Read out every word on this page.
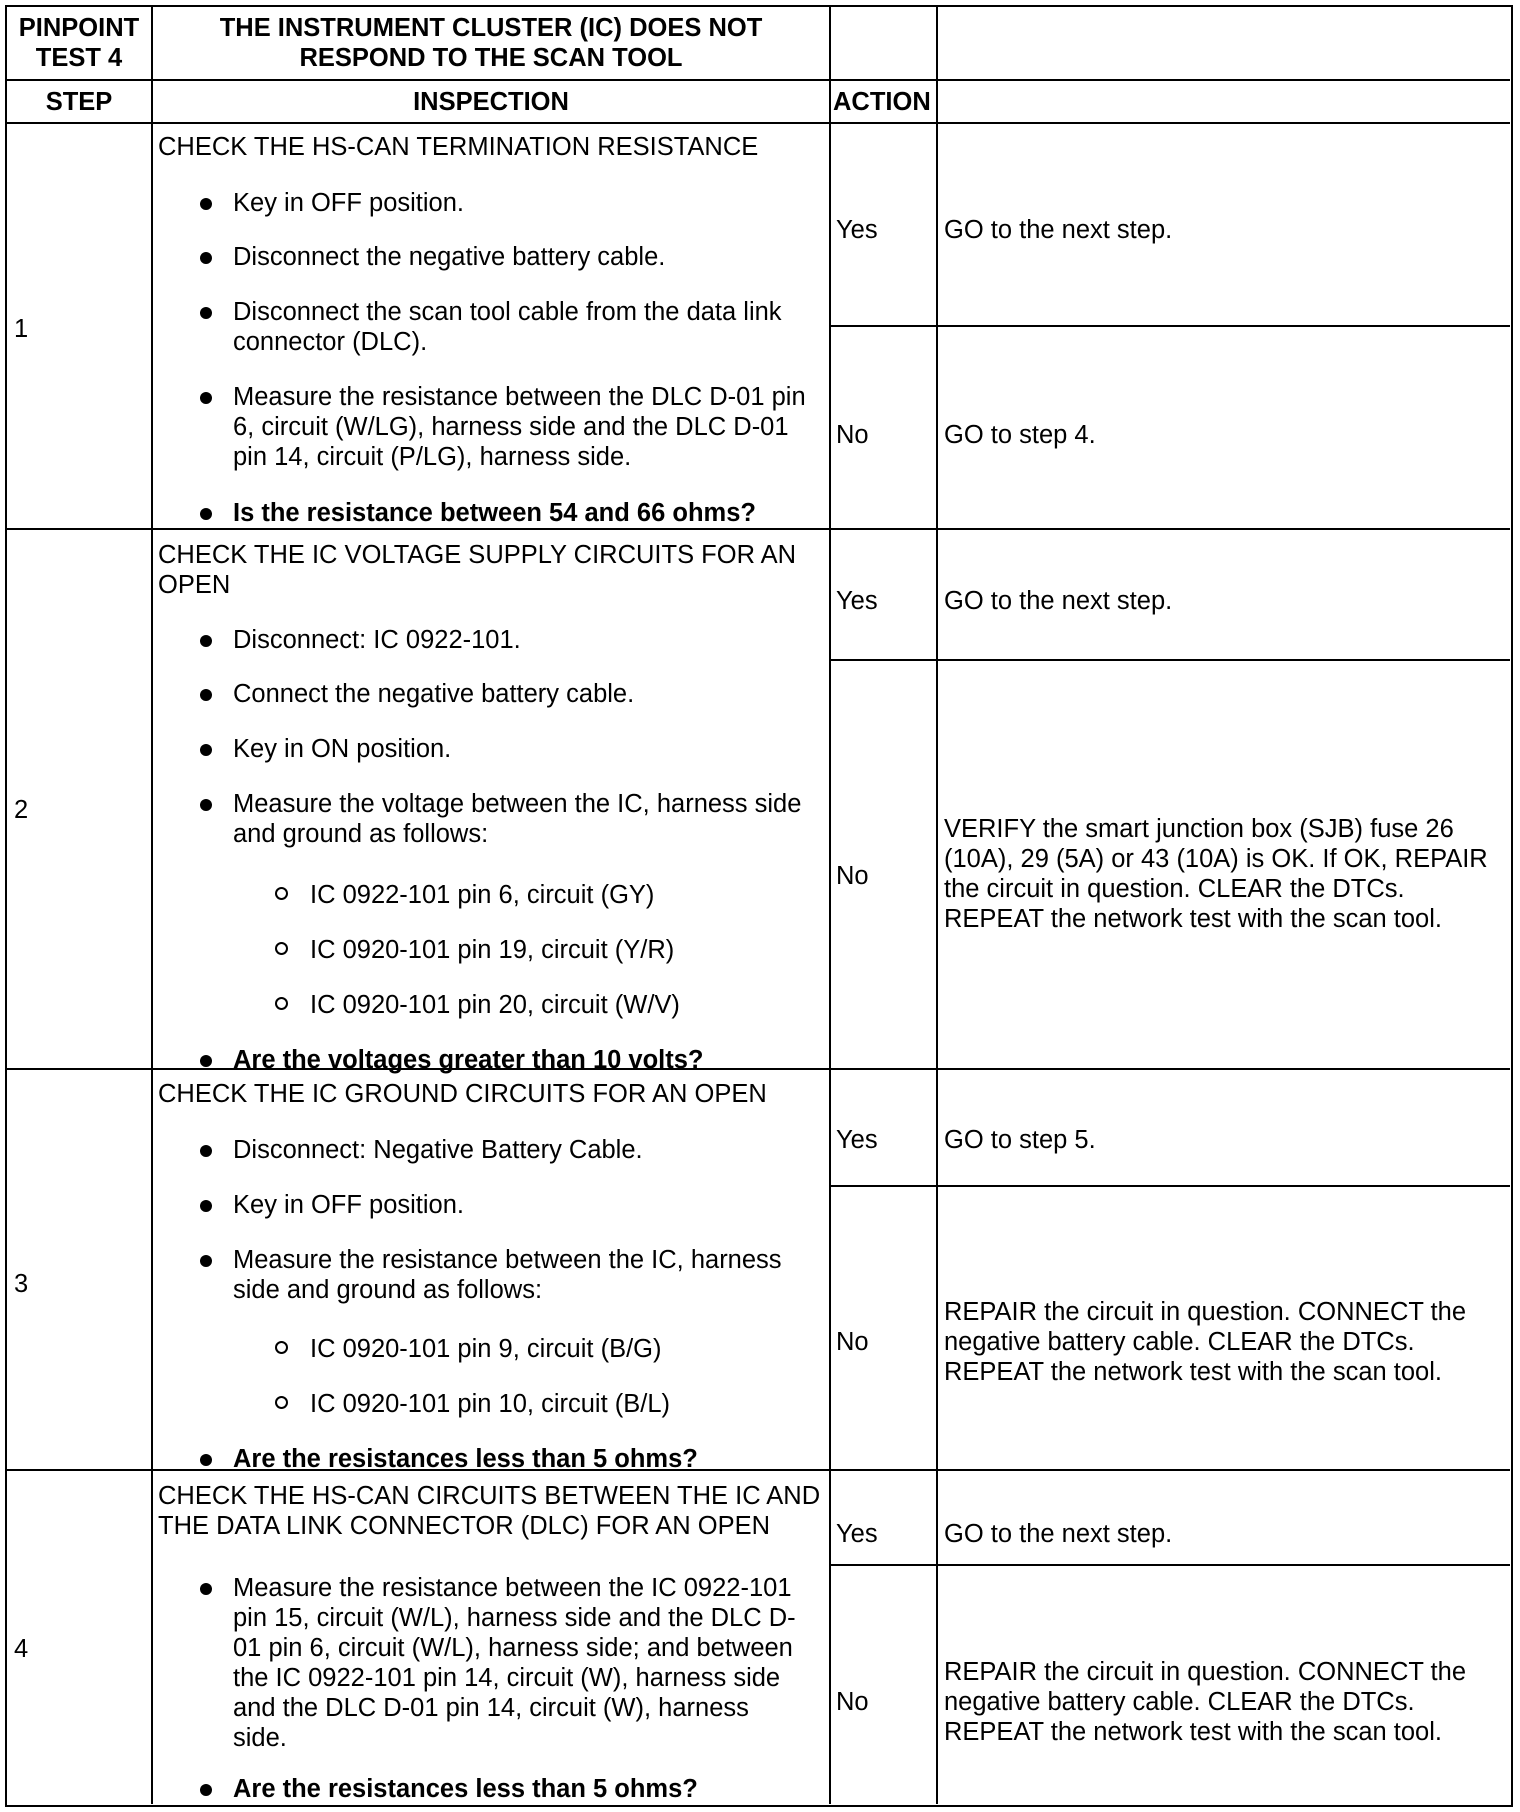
PINPOINT TEST 4
THE INSTRUMENT CLUSTER (IC) DOES NOT RESPOND TO THE SCAN TOOL
STEP	INSPECTION	ACTION
1
CHECK THE HS-CAN TERMINATION RESISTANCE
Key in OFF position.
Disconnect the negative battery cable.
Disconnect the scan tool cable from the data link connector (DLC).
Measure the resistance between the DLC D-01 pin 6, circuit (W/LG), harness side and the DLC D-01 pin 14, circuit (P/LG), harness side.
Is the resistance between 54 and 66 ohms?
Yes	GO to the next step.
No	GO to step 4.
2
CHECK THE IC VOLTAGE SUPPLY CIRCUITS FOR AN OPEN
Disconnect: IC 0922-101.
Connect the negative battery cable.
Key in ON position.
Measure the voltage between the IC, harness side and ground as follows:
IC 0922-101 pin 6, circuit (GY)
IC 0920-101 pin 19, circuit (Y/R)
IC 0920-101 pin 20, circuit (W/V)
Are the voltages greater than 10 volts?
Yes	GO to the next step.
No
VERIFY the smart junction box (SJB) fuse 26 (10A), 29 (5A) or 43 (10A) is OK. If OK, REPAIR the circuit in question. CLEAR the DTCs. REPEAT the network test with the scan tool.
3
CHECK THE IC GROUND CIRCUITS FOR AN OPEN
Disconnect: Negative Battery Cable.
Key in OFF position.
Measure the resistance between the IC, harness side and ground as follows:
IC 0920-101 pin 9, circuit (B/G)
IC 0920-101 pin 10, circuit (B/L)
Are the resistances less than 5 ohms?
Yes	GO to step 5.
No
REPAIR the circuit in question. CONNECT the negative battery cable. CLEAR the DTCs. REPEAT the network test with the scan tool.
4
CHECK THE HS-CAN CIRCUITS BETWEEN THE IC AND THE DATA LINK CONNECTOR (DLC) FOR AN OPEN
Measure the resistance between the IC 0922-101 pin 15, circuit (W/L), harness side and the DLC D-01 pin 6, circuit (W/L), harness side; and between the IC 0922-101 pin 14, circuit (W), harness side and the DLC D-01 pin 14, circuit (W), harness side.
Are the resistances less than 5 ohms?
Yes	GO to the next step.
No
REPAIR the circuit in question. CONNECT the negative battery cable. CLEAR the DTCs. REPEAT the network test with the scan tool.
